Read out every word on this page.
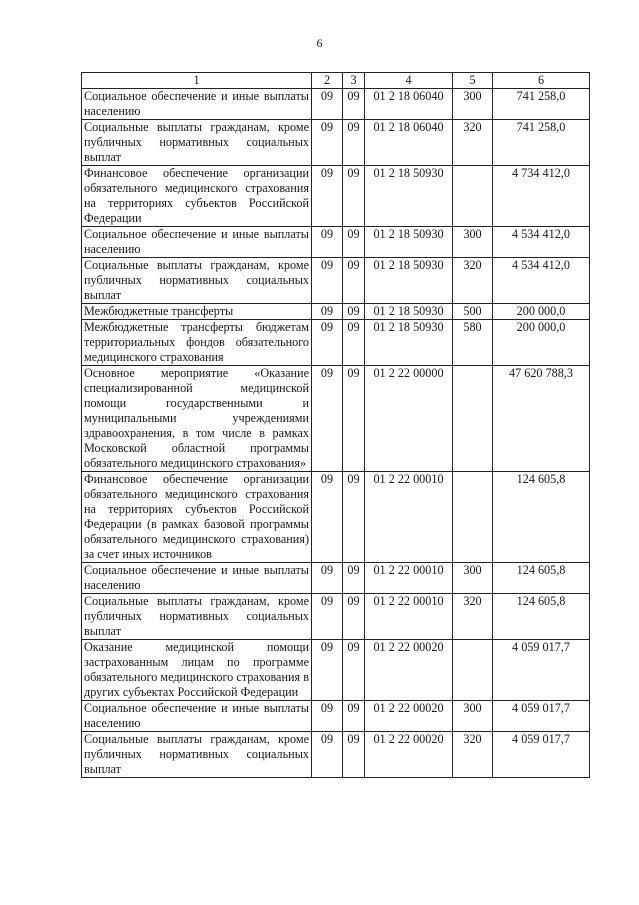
6
1	2	3	4	5	6
Социальное обеспечение и иные выплаты населению	09	09	01 2 18 06040	300	741 258,0
Социальные выплаты гражданам, кроме публичных нормативных социальных выплат	09	09	01 2 18 06040	320	741 258,0
Финансовое обеспечение организации обязательного медицинского страхования на территориях субъектов Российской Федерации	09	09	01 2 18 50930		4 734 412,0
Социальное обеспечение и иные выплаты населению	09	09	01 2 18 50930	300	4 534 412,0
Социальные выплаты гражданам, кроме публичных нормативных социальных выплат	09	09	01 2 18 50930	320	4 534 412,0
Межбюджетные трансферты	09	09	01 2 18 50930	500	200 000,0
Межбюджетные трансферты бюджетам территориальных фондов обязательного медицинского страхования	09	09	01 2 18 50930	580	200 000,0
Основное мероприятие «Оказание специализированной медицинской помощи государственными и муниципальными учреждениями здравоохранения, в том числе в рамках Московской областной программы обязательного медицинского страхования»	09	09	01 2 22 00000		47 620 788,3
Финансовое обеспечение организации обязательного медицинского страхования на территориях субъектов Российской Федерации (в рамках базовой программы обязательного медицинского страхования) за счет иных источников	09	09	01 2 22 00010		124 605,8
Социальное обеспечение и иные выплаты населению	09	09	01 2 22 00010	300	124 605,8
Социальные выплаты гражданам, кроме публичных нормативных социальных выплат	09	09	01 2 22 00010	320	124 605,8
Оказание медицинской помощи застрахованным лицам по программе обязательного медицинского страхования в других субъектах Российской Федерации	09	09	01 2 22 00020		4 059 017,7
Социальное обеспечение и иные выплаты населению	09	09	01 2 22 00020	300	4 059 017,7
Социальные выплаты гражданам, кроме публичных нормативных социальных выплат	09	09	01 2 22 00020	320	4 059 017,7
